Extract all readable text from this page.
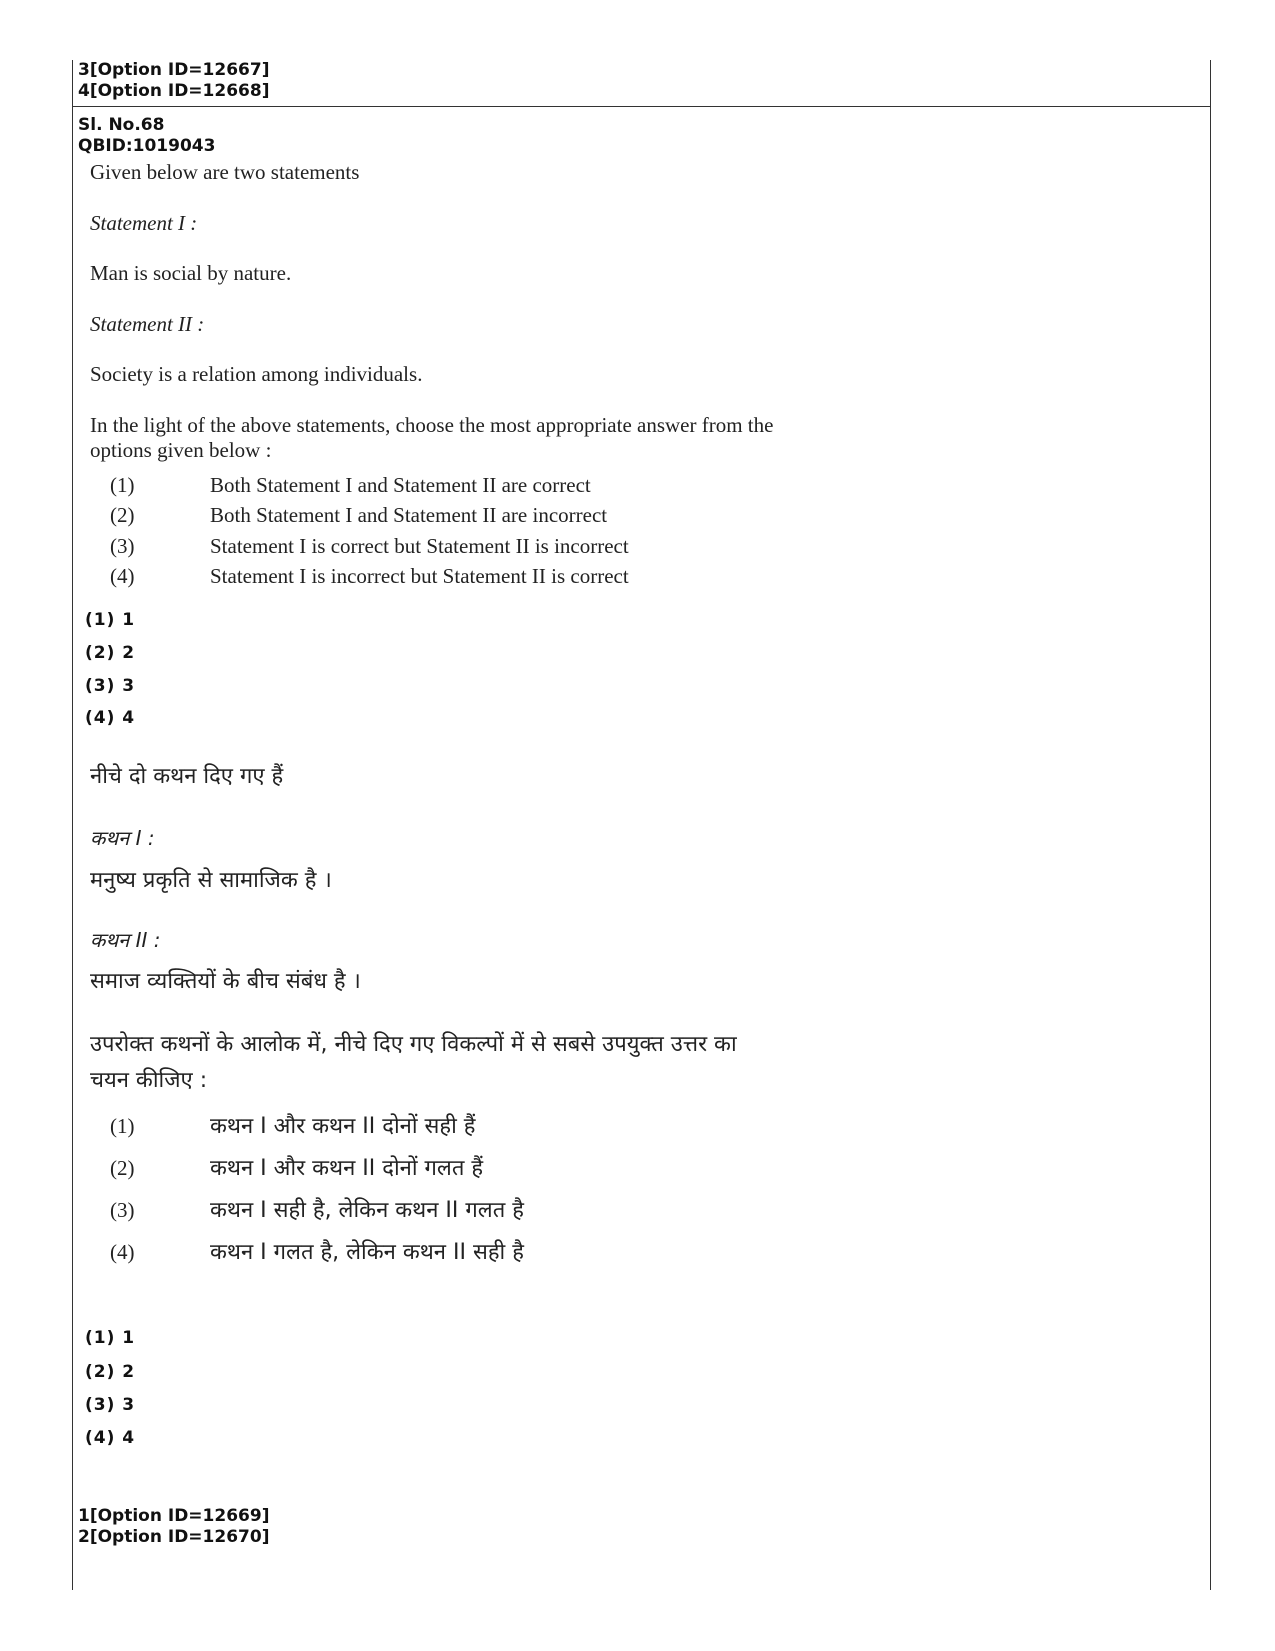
3[Option ID=12667]
4[Option ID=12668]
Sl. No.68
QBID:1019043

Given below are two statements

Statement I :

Man is social by nature.

Statement II :

Society is a relation among individuals.

In the light of the above statements, choose the most appropriate answer from the

options given below :

(1)	Both Statement I and Statement II are correct
(2)	Both Statement I and Statement II are incorrect
(3)	Statement I is correct but Statement II is incorrect
(4)	Statement I is incorrect but Statement II is correct
(1) 1
(2) 2
(3) 3
(4) 4

नीचे दो कथन दिए गए हैं

कथन I :

मनुष्य प्रकृति से सामाजिक है ।

कथन II :

समाज व्यक्तियों के बीच संबंध है ।

उपरोक्त कथनों के आलोक में, नीचे दिए गए विकल्पों में से सबसे उपयुक्त उत्तर का

चयन कीजिए :

(1)	कथन I और कथन II दोनों सही हैं
(2)	कथन I और कथन II दोनों गलत हैं
(3)	कथन I सही है, लेकिन कथन II गलत है
(4)	कथन I गलत है, लेकिन कथन II सही है
(1) 1
(2) 2
(3) 3
(4) 4
1[Option ID=12669]
2[Option ID=12670]
